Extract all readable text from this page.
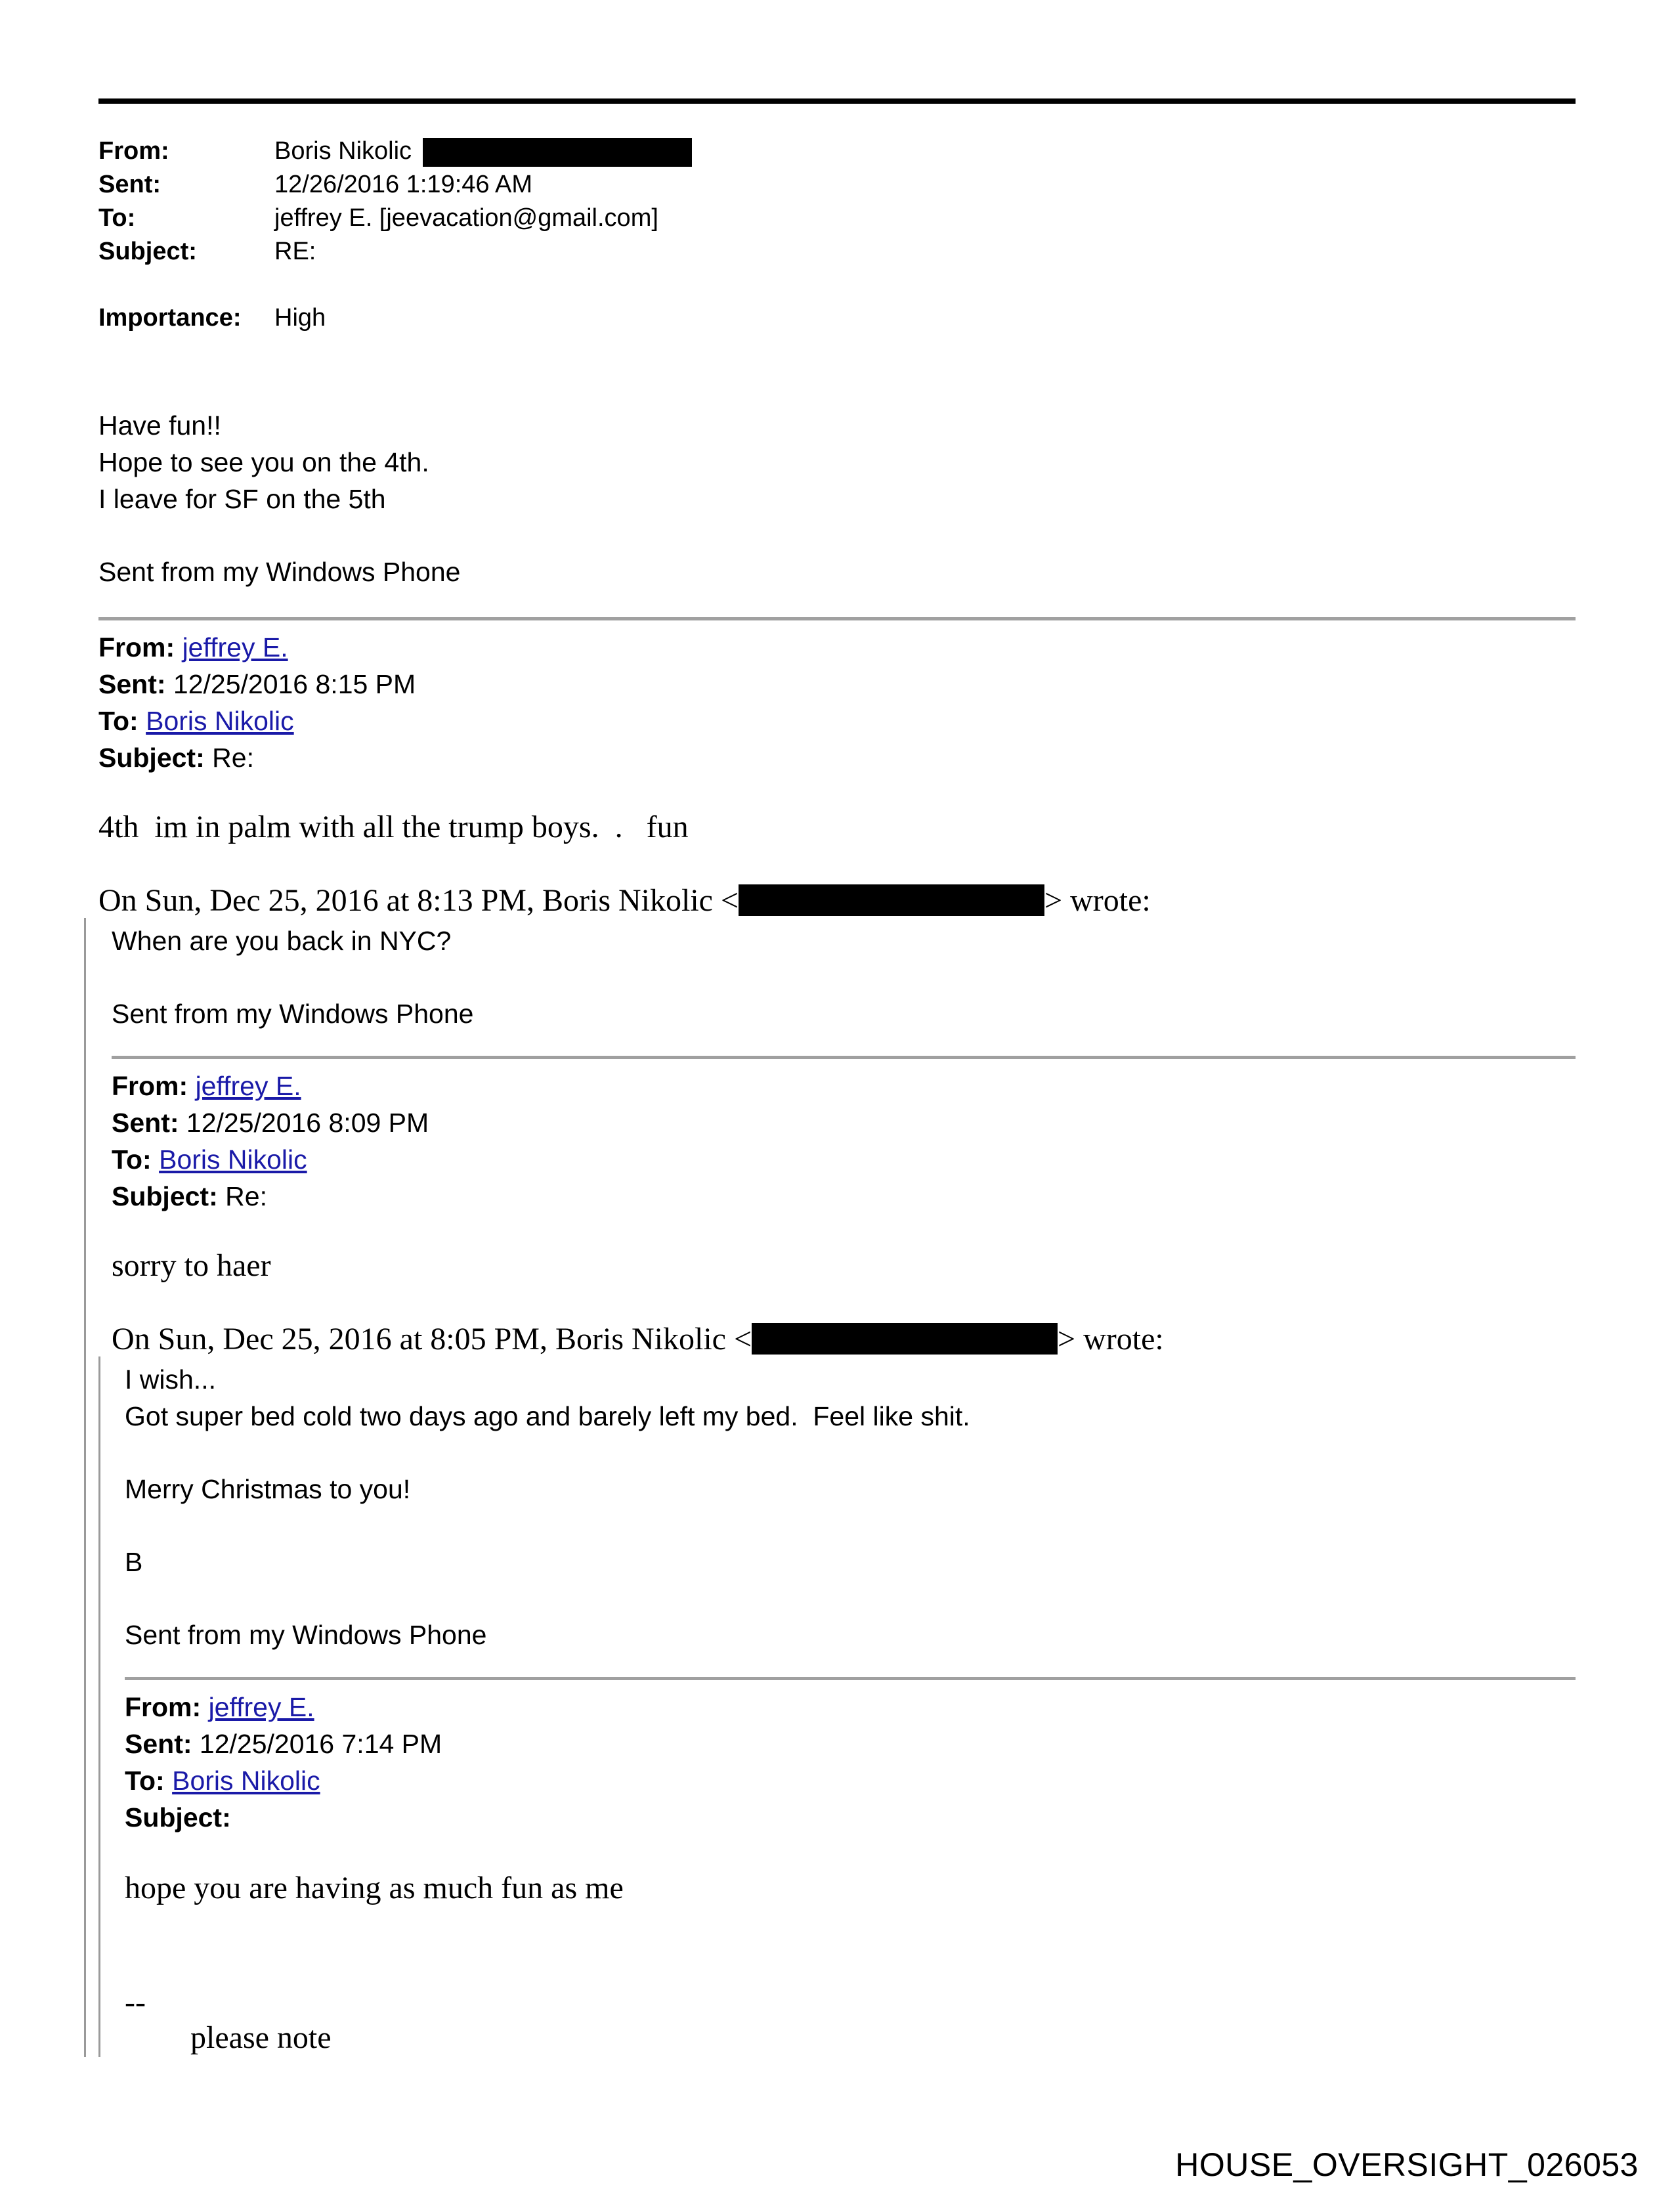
From:	Boris Nikolic
Sent:	12/26/2016 1:19:46 AM
To:	jeffrey E. [jeevacation@gmail.com]
Subject:	RE:
Importance: High
Have fun!!
Hope to see you on the 4th.
I leave for SF on the 5th
Sent from my Windows Phone
From: jeffrey E.
Sent: 12/25/2016 8:15 PM
To: Boris Nikolic
Subject: Re:
4th  im in palm with all the trump boys.  .   fun
On Sun, Dec 25, 2016 at 8:13 PM, Boris Nikolic <	> wrote:
When are you back in NYC?
Sent from my Windows Phone
From: jeffrey E.
Sent: 12/25/2016 8:09 PM
To: Boris Nikolic
Subject: Re:
sorry to haer
On Sun, Dec 25, 2016 at 8:05 PM, Boris Nikolic <	> wrote:
I wish...
Got super bed cold two days ago and barely left my bed.  Feel like shit.
Merry Christmas to you!
B
Sent from my Windows Phone
From: jeffrey E.
Sent: 12/25/2016 7:14 PM
To: Boris Nikolic
Subject:
hope you are having as much fun as me
--
please note
HOUSE_OVERSIGHT_026053
